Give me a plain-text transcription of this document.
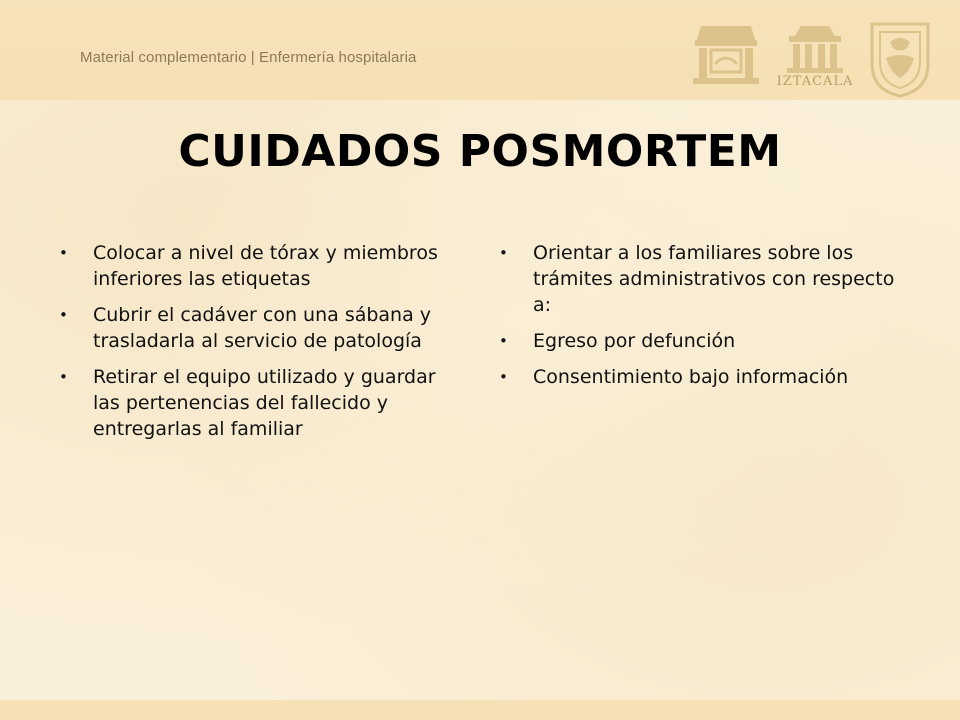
Material complementario | Enfermería hospitalaria
IZTACALA
CUIDADOS POSMORTEM
• Colocar a nivel de tórax y miembros inferiores las etiquetas
• Cubrir el cadáver con una sábana y trasladarla al servicio de patología
• Retirar el equipo utilizado y guardar las pertenencias del fallecido y entregarlas al familiar
• Orientar a los familiares sobre los trámites administrativos con respecto a:
• Egreso por defunción
• Consentimiento bajo información
